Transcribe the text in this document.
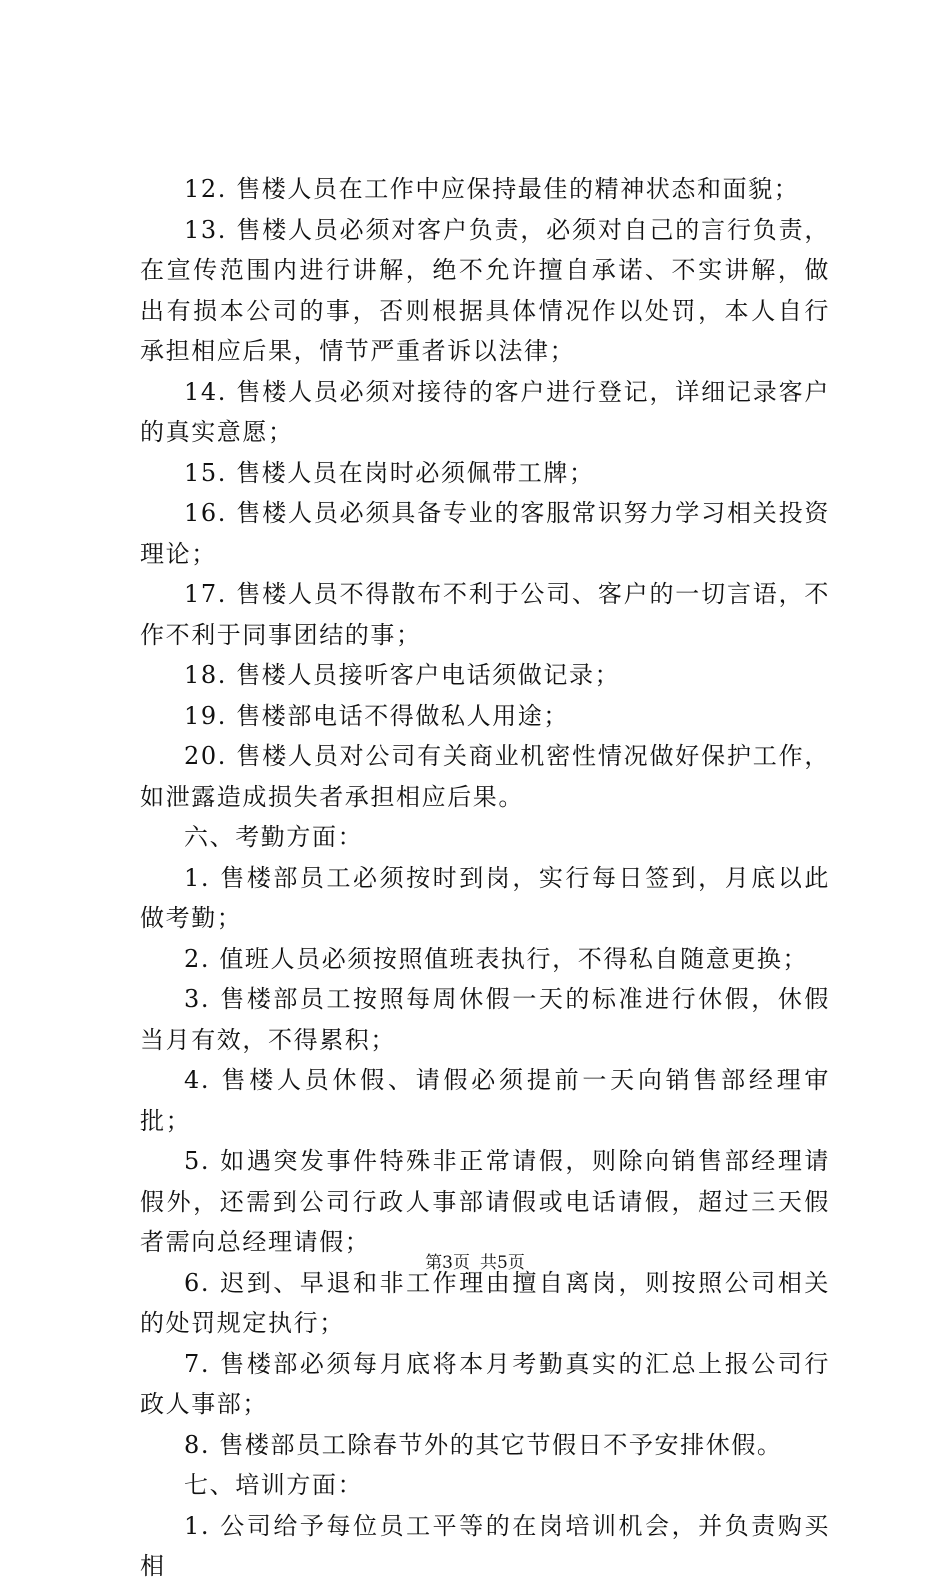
12. 售楼人员在工作中应保持最佳的精神状态和面貌；

13. 售楼人员必须对客户负责，必须对自己的言行负责，在宣传范围内进行讲解，绝不允许擅自承诺、不实讲解，做出有损本公司的事，否则根据具体情况作以处罚，本人自行承担相应后果，情节严重者诉以法律；

14. 售楼人员必须对接待的客户进行登记，详细记录客户的真实意愿；

15. 售楼人员在岗时必须佩带工牌；

16. 售楼人员必须具备专业的客服常识努力学习相关投资理论；

17. 售楼人员不得散布不利于公司、客户的一切言语，不作不利于同事团结的事；

18. 售楼人员接听客户电话须做记录；

19. 售楼部电话不得做私人用途；

20. 售楼人员对公司有关商业机密性情况做好保护工作，如泄露造成损失者承担相应后果。

六、考勤方面：

1. 售楼部员工必须按时到岗，实行每日签到，月底以此做考勤；

2. 值班人员必须按照值班表执行，不得私自随意更换；

3. 售楼部员工按照每周休假一天的标准进行休假，休假当月有效，不得累积；

4. 售楼人员休假、请假必须提前一天向销售部经理审批；

5. 如遇突发事件特殊非正常请假，则除向销售部经理请假外，还需到公司行政人事部请假或电话请假，超过三天假者需向总经理请假；

6. 迟到、早退和非工作理由擅自离岗，则按照公司相关的处罚规定执行；

7. 售楼部必须每月底将本月考勤真实的汇总上报公司行政人事部；

8. 售楼部员工除春节外的其它节假日不予安排休假。

七、培训方面：

1. 公司给予每位员工平等的在岗培训机会，并负责购买相

第3页 共5页
